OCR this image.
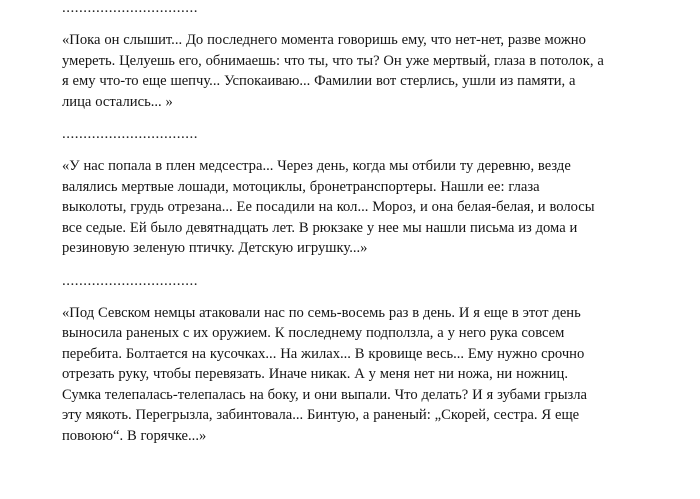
................................

«Пока он слышит... До последнего момента говоришь ему, что нет-нет, разве можно умереть. Целуешь его, обнимаешь: что ты, что ты? Он уже мертвый, глаза в потолок, а я ему что-то еще шепчу... Успокаиваю... Фамилии вот стерлись, ушли из памяти, а лица остались... »

................................

«У нас попала в плен медсестра... Через день, когда мы отбили ту деревню, везде валялись мертвые лошади, мотоциклы, бронетранспортеры. Нашли ее: глаза выколоты, грудь отрезана... Ее посадили на кол... Мороз, и она белая-белая, и волосы все седые. Ей было девятнадцать лет. В рюкзаке у нее мы нашли письма из дома и резиновую зеленую птичку. Детскую игрушку...»

................................

«Под Севском немцы атаковали нас по семь-восемь раз в день. И я еще в этот день выносила раненых с их оружием. К последнему подползла, а у него рука совсем перебита. Болтается на кусочках... На жилах... В кровище весь... Ему нужно срочно отрезать руку, чтобы перевязать. Иначе никак. А у меня нет ни ножа, ни ножниц. Сумка телепалась-телепалась на боку, и они выпали. Что делать? И я зубами грызла эту мякоть. Перегрызла, забинтовала... Бинтую, а раненый: „Скорей, сестра. Я еще повоюю“. В горячке...»
